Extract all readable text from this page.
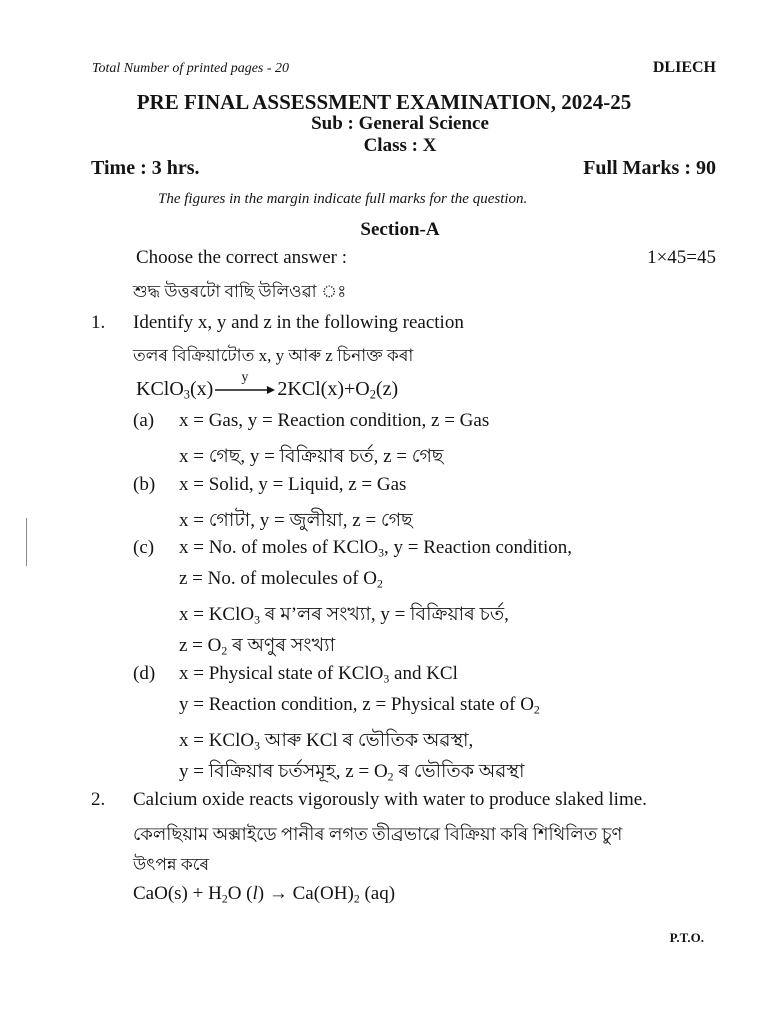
Total Number of printed pages - 20	DLIECH
PRE FINAL ASSESSMENT EXAMINATION, 2024-25
Sub : General Science
Class : X
Time : 3 hrs.	Full Marks : 90
The figures in the margin indicate full marks for the question.
Section-A
Choose the correct answer :	1×45=45
শুদ্ধ উত্তৰটো বাছি উলিওৱা ঃ
1. Identify x, y and z in the following reaction
তলৰ বিক্ৰিয়াটোত x, y আৰু z চিনাক্ত কৰা
KClO$_3$(x)
y
$2KCl(x)+O_2(z)$
(a) x = Gas, y = Reaction condition, z = Gas
x = গেছ, y = বিক্ৰিয়াৰ চৰ্ত, z = গেছ
(b) x = Solid, y = Liquid, z = Gas
x = গোটা, y = জুলীয়া, z = গেছ
(c) x = No. of moles of KClO$_3$, y = Reaction condition,
z = No. of molecules of $O_2$
x = KClO$_3$ ৰ মʼলৰ সংখ্যা, y = বিক্ৰিয়াৰ চৰ্ত,
$z = O_2$ ৰ অণুৰ সংখ্যা
(d) x = Physical state of KClO$_3$ and KCl
y = Reaction condition, z = Physical state of $O_2$
x = KClO$_3$ আৰু KCl ৰ ভৌতিক অৱস্থা,
y = বিক্ৰিয়াৰ চৰ্তসমূহ, $z = O_2$ ৰ ভৌতিক অৱস্থা
2. Calcium oxide reacts vigorously with water to produce slaked lime.
কেলছিয়াম অক্সাইডে পানীৰ লগত তীব্ৰভাৱে বিক্ৰিয়া কৰি শিথিলিত চুণ
উৎপন্ন কৰে
$CaO(s) + H_2O$ $(l) \to Ca(OH)_2$ (aq)
P.T.O.
